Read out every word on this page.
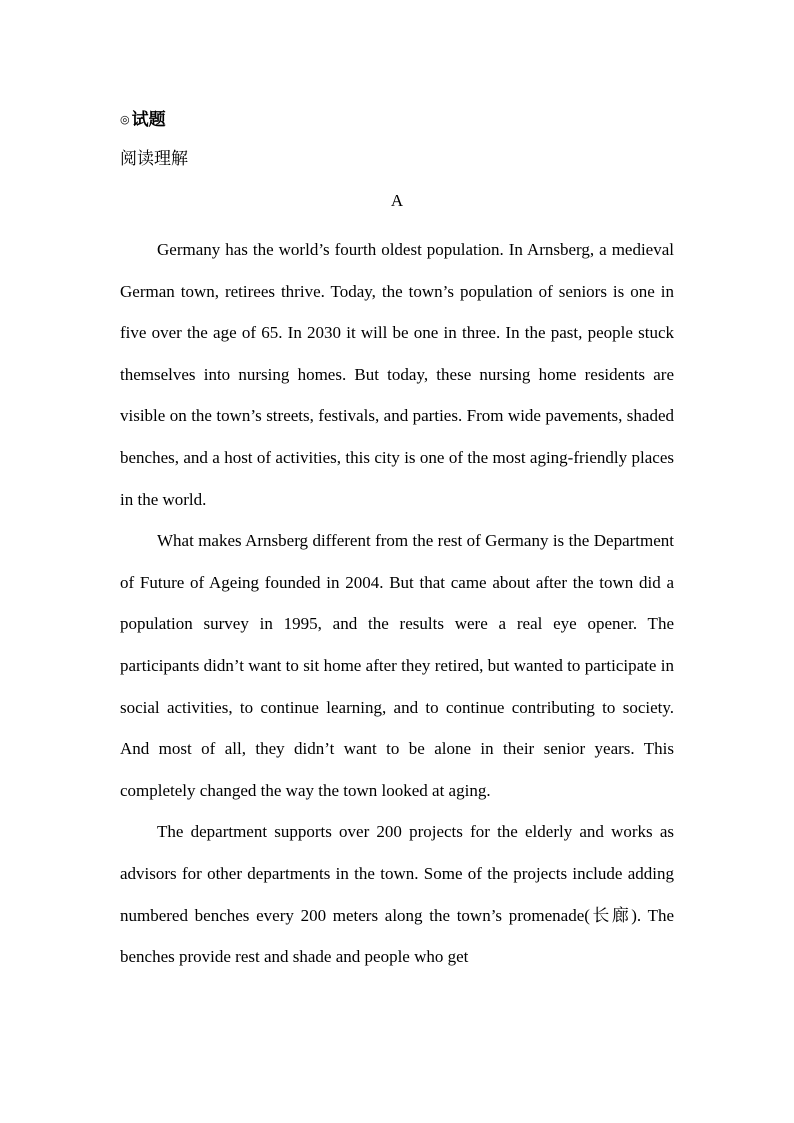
◎ 试题
阅读理解
A

Germany has the world’s fourth oldest population. In Arnsberg, a medieval German town, retirees thrive. Today, the town’s population of seniors is one in five over the age of 65. In 2030 it will be one in three. In the past, people stuck themselves into nursing homes. But today, these nursing home residents are visible on the town’s streets, festivals, and parties. From wide pavements, shaded benches, and a host of activities, this city is one of the most aging-friendly places in the world.

What makes Arnsberg different from the rest of Germany is the Department of Future of Ageing founded in 2004. But that came about after the town did a population survey in 1995, and the results were a real eye opener. The participants didn’t want to sit home after they retired, but wanted to participate in social activities, to continue learning, and to continue contributing to society. And most of all, they didn’t want to be alone in their senior years. This completely changed the way the town looked at aging.

The department supports over 200 projects for the elderly and works as advisors for other departments in the town. Some of the projects include adding numbered benches every 200 meters along the town’s promenade(长廊). The benches provide rest and shade and people who get
